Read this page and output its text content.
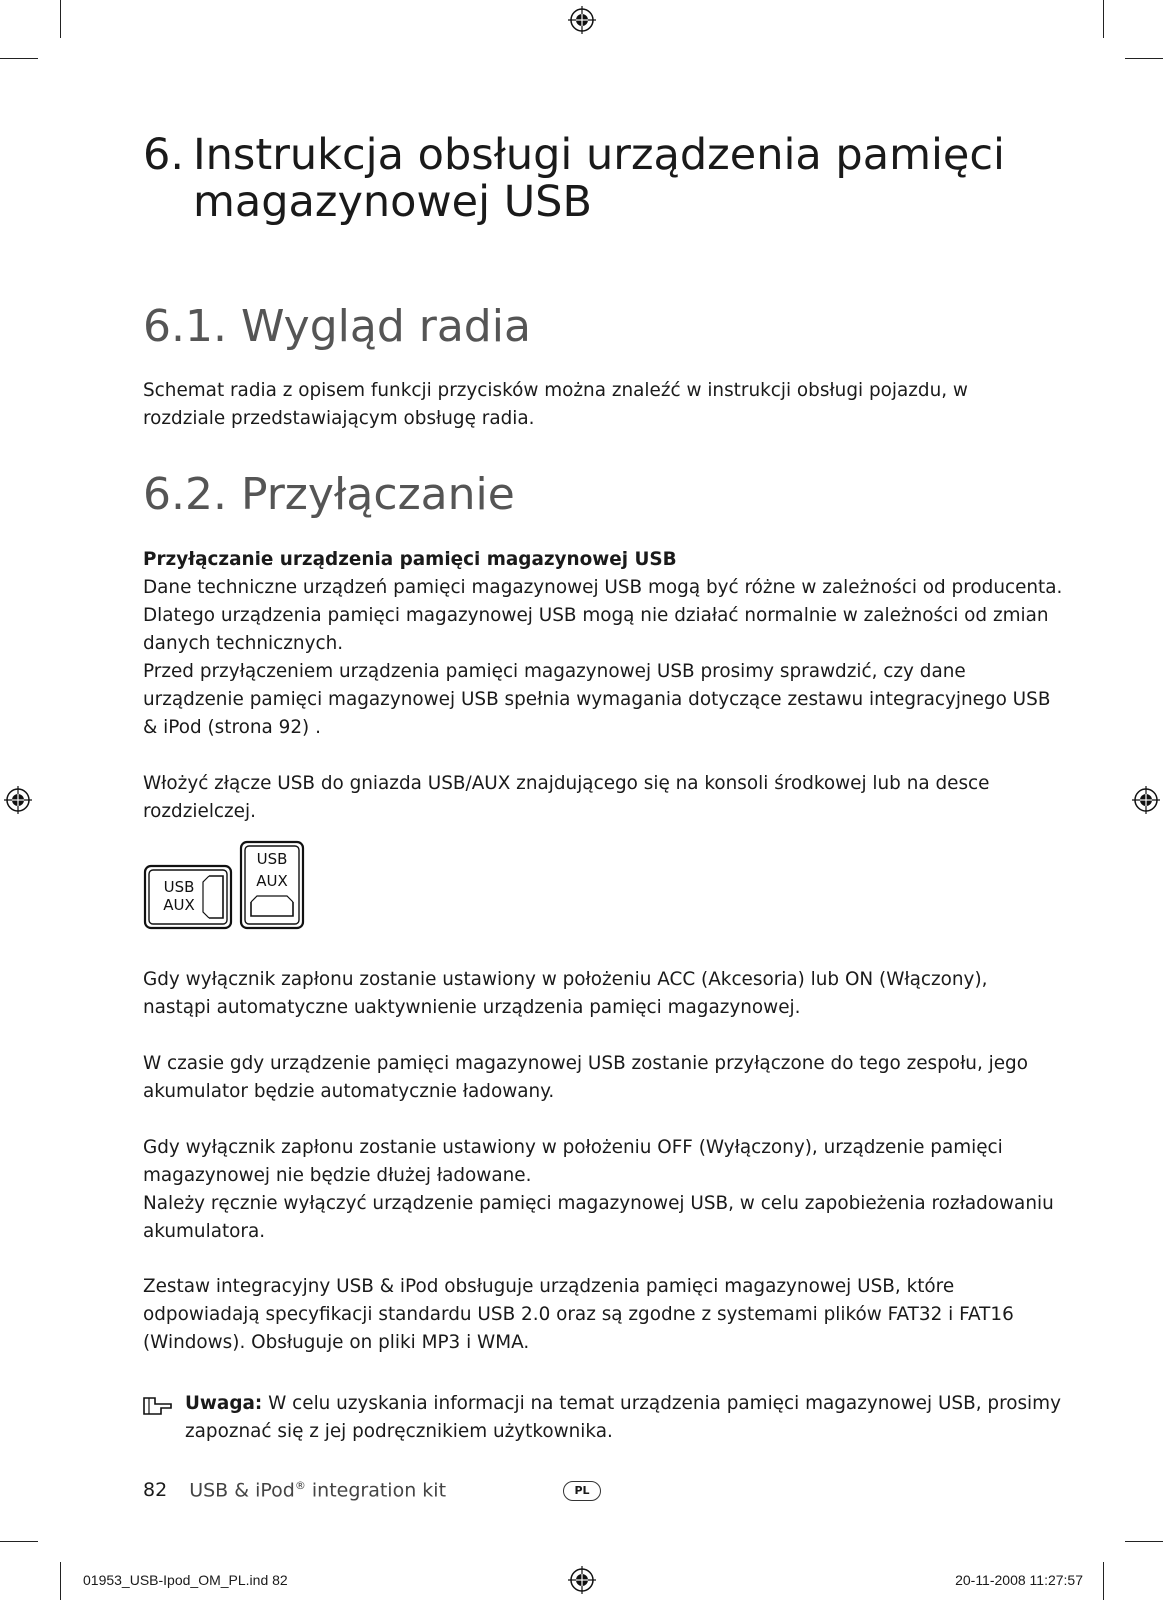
6. Instrukcja obsługi urządzenia pamięci
magazynowej USB
6.1. Wygląd radia

Schemat radia z opisem funkcji przycisków można znaleźć w instrukcji obsługi pojazdu, w
rozdziale przedstawiającym obsługę radia.

6.2. Przyłączanie

Przyłączanie urządzenia pamięci magazynowej USB
Dane techniczne urządzeń pamięci magazynowej USB mogą być różne w zależności od producenta.
Dlatego urządzenia pamięci magazynowej USB mogą nie działać normalnie w zależności od zmian
danych technicznych.
Przed przyłączeniem urządzenia pamięci magazynowej USB prosimy sprawdzić, czy dane
urządzenie pamięci magazynowej USB spełnia wymagania dotyczące zestawu integracyjnego USB
& iPod (strona 92) .

Włożyć złącze USB do gniazda USB/AUX znajdującego się na konsoli środkowej lub na desce
rozdzielczej.

USB
AUX
USB
AUX

Gdy wyłącznik zapłonu zostanie ustawiony w położeniu ACC (Akcesoria) lub ON (Włączony),
nastąpi automatyczne uaktywnienie urządzenia pamięci magazynowej.

W czasie gdy urządzenie pamięci magazynowej USB zostanie przyłączone do tego zespołu, jego
akumulator będzie automatycznie ładowany.

Gdy wyłącznik zapłonu zostanie ustawiony w położeniu OFF (Wyłączony), urządzenie pamięci
magazynowej nie będzie dłużej ładowane.
Należy ręcznie wyłączyć urządzenie pamięci magazynowej USB, w celu zapobieżenia rozładowaniu
akumulatora.

Zestaw integracyjny USB & iPod obsługuje urządzenia pamięci magazynowej USB, które
odpowiadają specyfikacji standardu USB 2.0 oraz są zgodne z systemami plików FAT32 i FAT16
(Windows). Obsługuje on pliki MP3 i WMA.

Uwaga: W celu uzyskania informacji na temat urządzenia pamięci magazynowej USB, prosimy
zapoznać się z jej podręcznikiem użytkownika.

82 USB & iPod® integration kit	PL
01953_USB-Ipod_OM_PL.ind 82	20-11-2008 11:27:57
